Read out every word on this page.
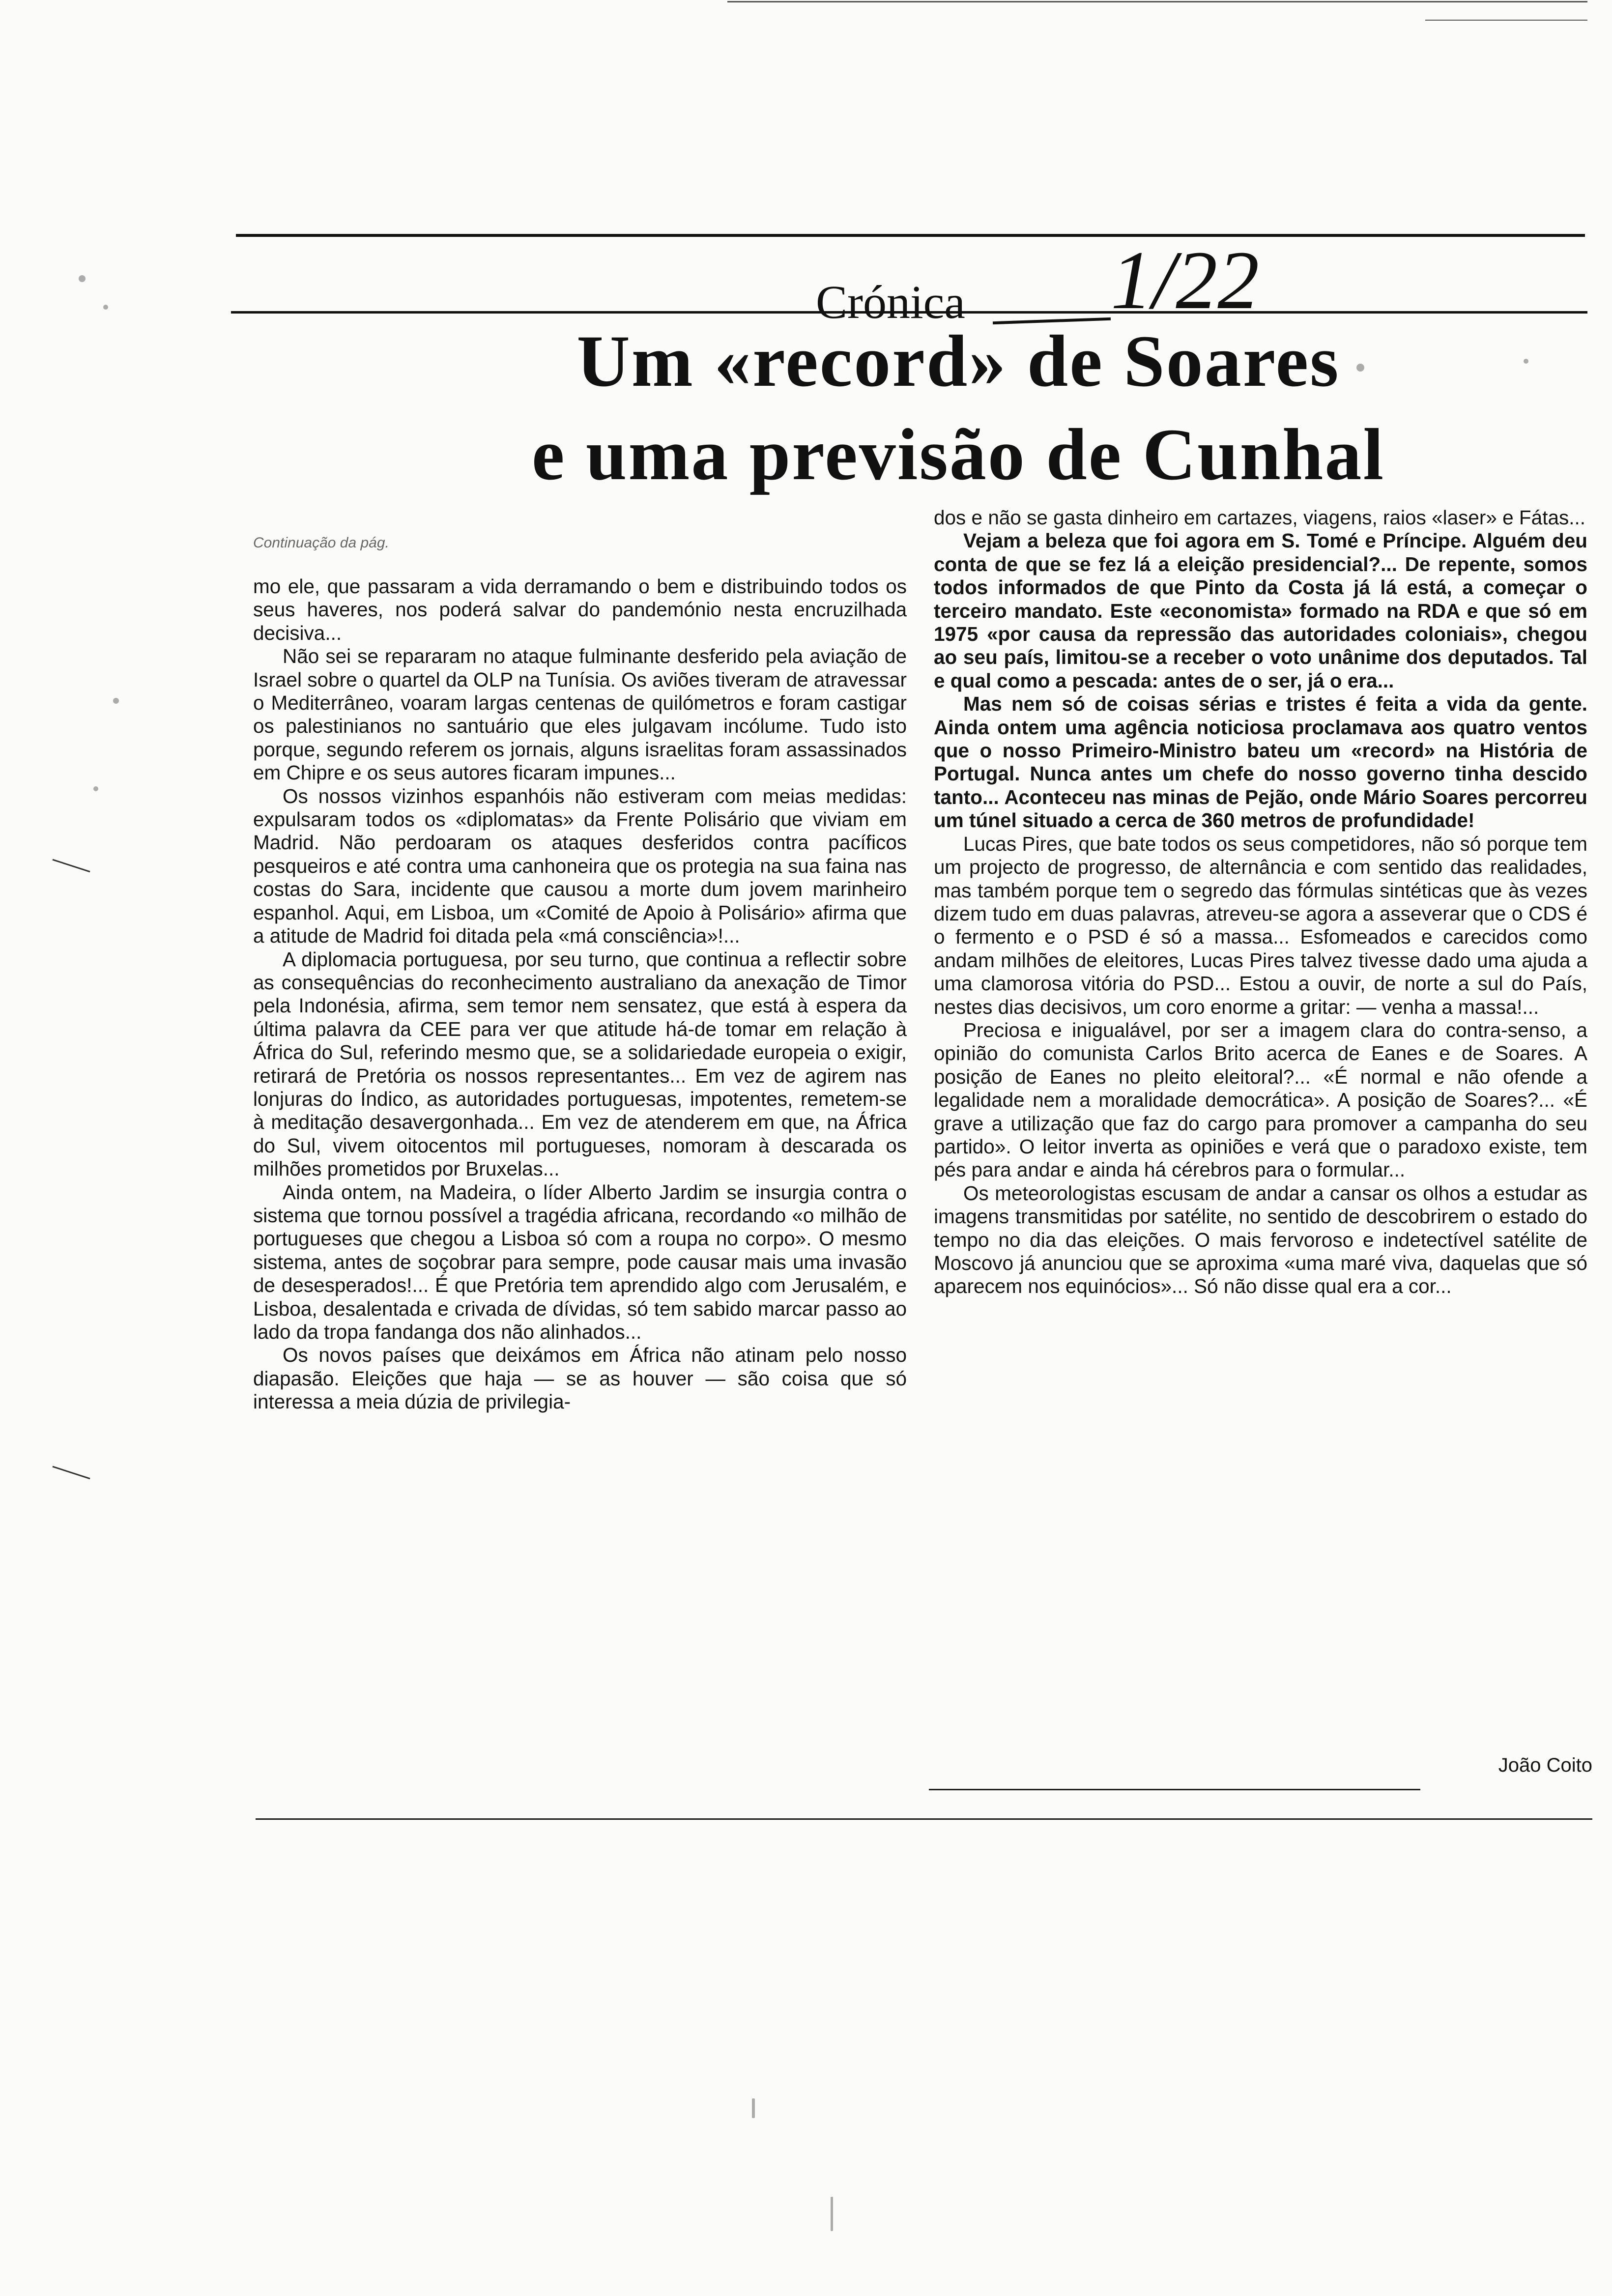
Crónica	1/22
Um «record» de Soares
e uma previsão de Cunhal
Continuação da pág.

mo ele, que passaram a vida derramando o bem e distribuindo todos os seus haveres, nos poderá salvar do pandemónio nesta encruzilhada decisiva...

Não sei se repararam no ataque fulminante desferido pela aviação de Israel sobre o quartel da OLP na Tunísia. Os aviões tiveram de atravessar o Mediterrâneo, voaram largas centenas de quilómetros e foram castigar os palestinianos no santuário que eles julgavam incólume. Tudo isto porque, segundo referem os jornais, alguns israelitas foram assassinados em Chipre e os seus autores ficaram impunes...

Os nossos vizinhos espanhóis não estiveram com meias medidas: expulsaram todos os «diplomatas» da Frente Polisário que viviam em Madrid. Não perdoaram os ataques desferidos contra pacíficos pesqueiros e até contra uma canhoneira que os protegia na sua faina nas costas do Sara, incidente que causou a morte dum jovem marinheiro espanhol. Aqui, em Lisboa, um «Comité de Apoio à Polisário» afirma que a atitude de Madrid foi ditada pela «má consciência»!...

A diplomacia portuguesa, por seu turno, que continua a reflectir sobre as consequências do reconhecimento australiano da anexação de Timor pela Indonésia, afirma, sem temor nem sensatez, que está à espera da última palavra da CEE para ver que atitude há-de tomar em relação à África do Sul, referindo mesmo que, se a solidariedade europeia o exigir, retirará de Pretória os nossos representantes... Em vez de agirem nas lonjuras do Índico, as autoridades portuguesas, impotentes, remetem-se à meditação desavergonhada... Em vez de atenderem em que, na África do Sul, vivem oitocentos mil portugueses, nomoram à descarada os milhões prometidos por Bruxelas...

Ainda ontem, na Madeira, o líder Alberto Jardim se insurgia contra o sistema que tornou possível a tragédia africana, recordando «o milhão de portugueses que chegou a Lisboa só com a roupa no corpo». O mesmo sistema, antes de soçobrar para sempre, pode causar mais uma invasão de desesperados!... É que Pretória tem aprendido algo com Jerusalém, e Lisboa, desalentada e crivada de dívidas, só tem sabido marcar passo ao lado da tropa fandanga dos não alinhados...

Os novos países que deixámos em África não atinam pelo nosso diapasão. Eleições que haja — se as houver — são coisa que só interessa a meia dúzia de privilegia-

dos e não se gasta dinheiro em cartazes, viagens, raios «laser» e Fátas...

Vejam a beleza que foi agora em S. Tomé e Príncipe. Alguém deu conta de que se fez lá a eleição presidencial?... De repente, somos todos informados de que Pinto da Costa já lá está, a começar o terceiro mandato. Este «economista» formado na RDA e que só em 1975 «por causa da repressão das autoridades coloniais», chegou ao seu país, limitou-se a receber o voto unânime dos deputados. Tal e qual como a pescada: antes de o ser, já o era...

Mas nem só de coisas sérias e tristes é feita a vida da gente. Ainda ontem uma agência noticiosa proclamava aos quatro ventos que o nosso Primeiro-Ministro bateu um «record» na História de Portugal. Nunca antes um chefe do nosso governo tinha descido tanto... Aconteceu nas minas de Pejão, onde Mário Soares percorreu um túnel situado a cerca de 360 metros de profundidade!

Lucas Pires, que bate todos os seus competidores, não só porque tem um projecto de progresso, de alternância e com sentido das realidades, mas também porque tem o segredo das fórmulas sintéticas que às vezes dizem tudo em duas palavras, atreveu-se agora a asseverar que o CDS é o fermento e o PSD é só a massa... Esfomeados e carecidos como andam milhões de eleitores, Lucas Pires talvez tivesse dado uma ajuda a uma clamorosa vitória do PSD... Estou a ouvir, de norte a sul do País, nestes dias decisivos, um coro enorme a gritar: — venha a massa!...

Preciosa e inigualável, por ser a imagem clara do contra-senso, a opinião do comunista Carlos Brito acerca de Eanes e de Soares. A posição de Eanes no pleito eleitoral?... «É normal e não ofende a legalidade nem a moralidade democrática». A posição de Soares?... «É grave a utilização que faz do cargo para promover a campanha do seu partido». O leitor inverta as opiniões e verá que o paradoxo existe, tem pés para andar e ainda há cérebros para o formular...

Os meteorologistas escusam de andar a cansar os olhos a estudar as imagens transmitidas por satélite, no sentido de descobrirem o estado do tempo no dia das eleições. O mais fervoroso e indetectível satélite de Moscovo já anunciou que se aproxima «uma maré viva, daquelas que só aparecem nos equinócios»... Só não disse qual era a cor...

João Coito
